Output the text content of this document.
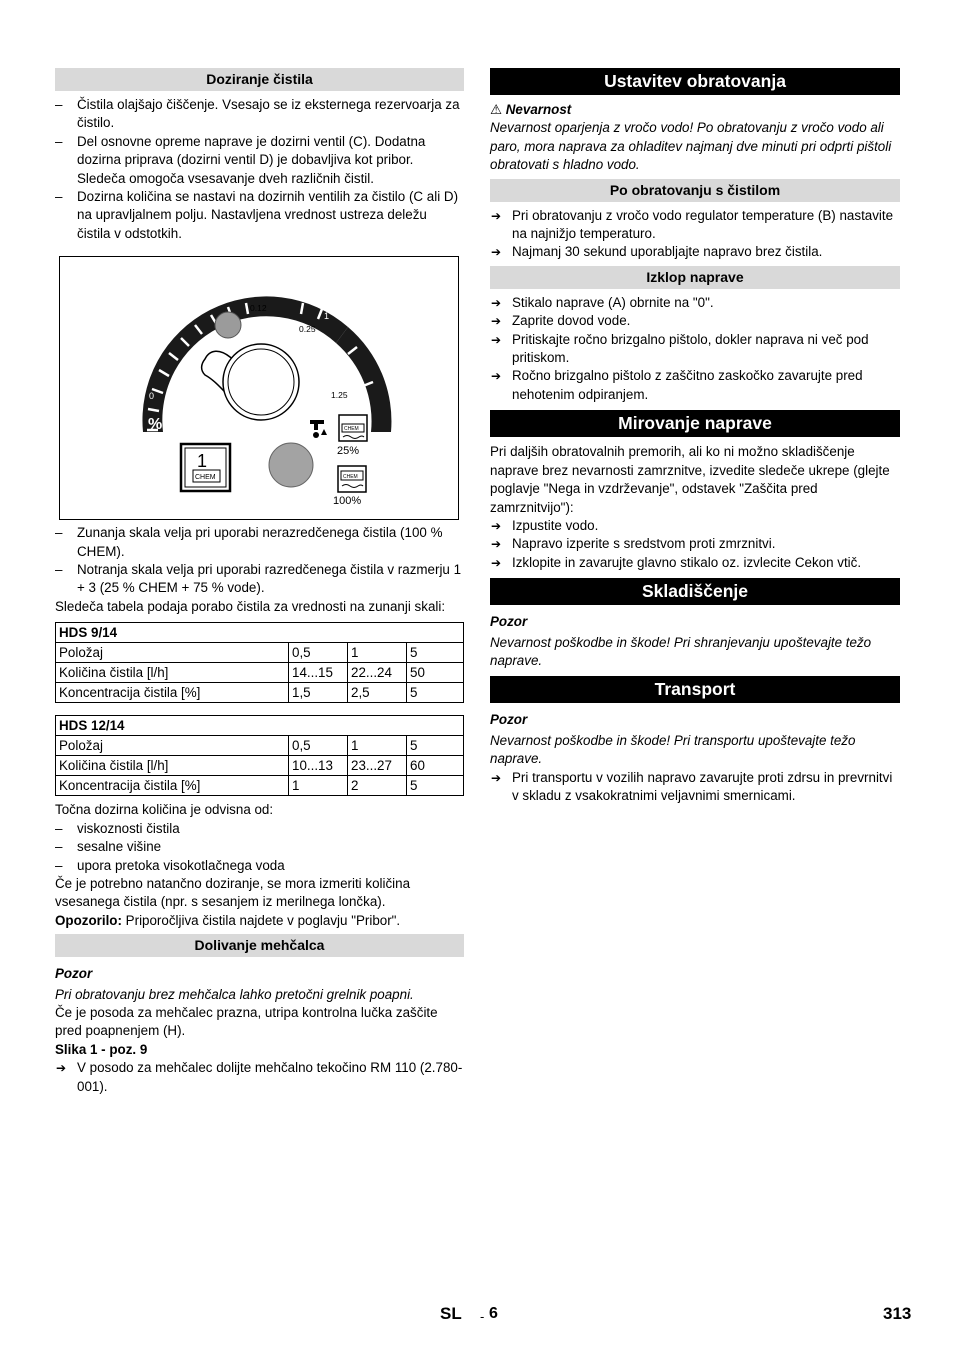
Doziranje čistila

– Čistila olajšajo čiščenje. Vsesajo se iz eksternega rezervoarja za čistilo.

– Del osnovne opreme naprave je dozirni ventil (C). Dodatna dozirna priprava (dozirni ventil D) je dobavljiva kot pribor. Sledeča omogoča vsesavanje dveh različnih čistil.

– Dozirna količina se nastavi na dozirnih ventilih za čistilo (C ali D) na upravljalnem polju. Nastavljena vrednost ustreza deležu čistila v odstotkih.

0.5
1
0	5
%
0.12
0.25
1.25
1
CHEM
CHEM
25%
CHEM
100%

– Zunanja skala velja pri uporabi nerazredčenega čistila (100 % CHEM).

– Notranja skala velja pri uporabi razredčenega čistila v razmerju 1 + 3 (25 % CHEM + 75 % vode).

Sledeča tabela podaja porabo čistila za vrednosti na zunanji skali:

HDS 9/14			
Položaj	0,5	1	5
Količina čistila [l/h]	14...15	22...24	50
Koncentracija čistila [%]	1,5	2,5	5
HDS 12/14			
Položaj	0,5	1	5
Količina čistila [l/h]	10...13	23...27	60
Koncentracija čistila [%]	1	2	5

Točna dozirna količina je odvisna od:

– viskoznosti čistila

– sesalne višine

– upora pretoka visokotlačnega voda

Če je potrebno natančno doziranje, se mora izmeriti količina vsesanega čistila (npr. s sesanjem iz merilnega lončka).

Opozorilo: Priporočljiva čistila najdete v poglavju "Pribor".

Dolivanje mehčalca

Pozor

Pri obratovanju brez mehčalca lahko pretočni grelnik poapni.

Če je posoda za mehčalec prazna, utripa kontrolna lučka zaščite pred poapnenjem (H).

Slika 1 - poz. 9

➔ V posodo za mehčalec dolijte mehčalno tekočino RM 110 (2.780-001).

Ustavitev obratovanja

⚠ Nevarnost

Nevarnost oparjenja z vročo vodo! Po obratovanju z vročo vodo ali paro, mora naprava za ohladitev najmanj dve minuti pri odprti pištoli obratovati s hladno vodo.

Po obratovanju s čistilom

➔ Pri obratovanju z vročo vodo regulator temperature (B) nastavite na najnižjo temperaturo.

➔ Najmanj 30 sekund uporabljajte napravo brez čistila.

Izklop naprave

➔ Stikalo naprave (A) obrnite na "0".

➔ Zaprite dovod vode.

➔ Pritiskajte ročno brizgalno pištolo, dokler naprava ni več pod pritiskom.

➔ Ročno brizgalno pištolo z zaščitno zaskočko zavarujte pred nehotenim odpiranjem.

Mirovanje naprave

Pri daljših obratovalnih premorih, ali ko ni možno skladiščenje naprave brez nevarnosti zamrznitve, izvedite sledeče ukrepe (glejte poglavje "Nega in vzdrževanje", odstavek "Zaščita pred zamrznitvijo"):

➔ Izpustite vodo.

➔ Napravo izperite s sredstvom proti zmrznitvi.

➔ Izklopite in zavarujte glavno stikalo oz. izvlecite Cekon vtič.

Skladiščenje

Pozor

Nevarnost poškodbe in škode! Pri shranjevanju upoštevajte težo naprave.

Transport

Pozor

Nevarnost poškodbe in škode! Pri transportu upoštevajte težo naprave.

➔ Pri transportu v vozilih napravo zavarujte proti zdrsu in prevrnitvi v skladu z vsakokratnimi veljavnimi smernicami.

SL - 6	313
